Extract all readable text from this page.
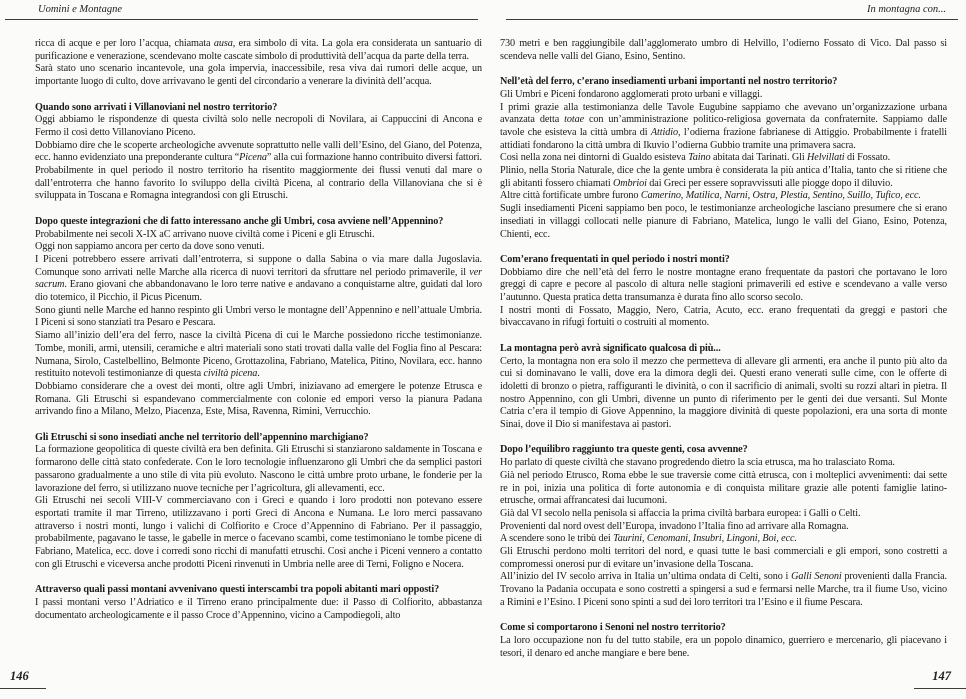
Uomini e Montagne	In montagna con...
ricca di acque e per loro l’acqua, chiamata ausa, era simbolo di vita. La gola era considerata un santuario di purificazione e venerazione, scendevano molte cascate simbolo di produttività dell’acqua da parte della terra.
Sarà stato uno scenario incantevole, una gola impervia, inaccessibile, resa viva dai rumori delle acque, un importante luogo di culto, dove arrivavano le genti del circondario a venerare la divinità dell’acqua.
Quando sono arrivati i Villanoviani nel nostro territorio?
Oggi abbiamo le rispondenze di questa civiltà solo nelle necropoli di Novilara, ai Cappuccini di Ancona e Fermo il così detto Villanoviano Piceno.
Dobbiamo dire che le scoperte archeologiche avvenute soprattutto nelle valli dell’Esino, del Giano, del Potenza, ecc. hanno evidenziato una preponderante cultura “Picena” alla cui formazione hanno contribuito diversi fattori. Probabilmente in quel periodo il nostro territorio ha risentito maggiormente dei flussi venuti dal mare o dall’entroterra che hanno favorito lo sviluppo della civiltà Picena, al contrario della Villanoviana che si è sviluppata in Toscana e Romagna integrandosi con gli Etruschi.
Dopo queste integrazioni che di fatto interessano anche gli Umbri, cosa avviene nell’Appennino?
Probabilmente nei secoli X-IX aC arrivano nuove civiltà come i Piceni e gli Etruschi.
Oggi non sappiamo ancora per certo da dove sono venuti.
I Piceni potrebbero essere arrivati dall’entroterra, si suppone o dalla Sabina o via mare dalla Jugoslavia. Comunque sono arrivati nelle Marche alla ricerca di nuovi territori da sfruttare nel periodo primaverile, il ver sacrum. Erano giovani che abbandonavano le loro terre native e andavano a conquistarne altre, guidati dal loro dio totemico, il Picchio, il Picus Picenum.
Sono giunti nelle Marche ed hanno respinto gli Umbri verso le montagne dell’Appennino e nell’attuale Umbria. I Piceni si sono stanziati tra Pesaro e Pescara.
Siamo all’inizio dell’era del ferro, nasce la civiltà Picena di cui le Marche possiedono ricche testimonianze. Tombe, monili, armi, utensili, ceramiche e altri materiali sono stati trovati dalla valle del Foglia fino al Pescara: Numana, Sirolo, Castelbellino, Belmonte Piceno, Grottazolina, Fabriano, Matelica, Pitino, Novilara, ecc. hanno restituito notevoli testimonianze di questa civiltà picena.
Dobbiamo considerare che a ovest dei monti, oltre agli Umbri, iniziavano ad emergere le potenze Etrusca e Romana. Gli Etruschi si espandevano commercialmente con colonie ed empori verso la pianura Padana arrivando fino a Milano, Melzo, Piacenza, Este, Misa, Ravenna, Rimini, Verrucchio.
Gli Etruschi si sono insediati anche nel territorio dell’appennino marchigiano?
La formazione geopolitica di queste civiltà era ben definita. Gli Etruschi si stanziarono saldamente in Toscana e formarono delle città stato confederate. Con le loro tecnologie influenzarono gli Umbri che da semplici pastori passarono gradualmente a uno stile di vita più evoluto. Nascono le città umbre proto urbane, le fonderie per la lavorazione del ferro, si utilizzano nuove tecniche per l’agricoltura, gli allevamenti, ecc.
Gli Etruschi nei secoli VIII-V commerciavano con i Greci e quando i loro prodotti non potevano essere esportati tramite il mar Tirreno, utilizzavano i porti Greci di Ancona e Numana. Le loro merci passavano attraverso i nostri monti, lungo i valichi di Colfiorito e Croce d’Appennino di Fabriano. Per il passaggio, probabilmente, pagavano le tasse, le gabelle in merce o facevano scambi, come testimoniano le tombe picene di Fabriano, Matelica, ecc. dove i corredi sono ricchi di manufatti etruschi. Così anche i Piceni vennero a contatto con gli Etruschi e viceversa anche prodotti Piceni rinvenuti in Umbria nelle aree di Terni, Foligno e Nocera.
Attraverso quali passi montani avvenivano questi interscambi tra popoli abitanti mari opposti?
I passi montani verso l’Adriatico e il Tirreno erano principalmente due: il Passo di Colfiorito, abbastanza documentato archeologicamente e il passo Croce d’Appennino, vicino a Campodiegoli, alto
730 metri e ben raggiungibile dall’agglomerato umbro di Helvillo, l’odierno Fossato di Vico. Dal passo si scendeva nelle valli del Giano, Esino, Sentino.
Nell’età del ferro, c’erano insediamenti urbani importanti nel nostro territorio?
Gli Umbri e Piceni fondarono agglomerati proto urbani e villaggi.
I primi grazie alla testimonianza delle Tavole Eugubine sappiamo che avevano un’organizzazione urbana avanzata detta totae con un’amministrazione politico-religiosa governata da confraternite. Sappiamo dalle tavole che esisteva la città umbra di Attidio, l’odierna frazione fabrianese di Attiggio. Probabilmente i fratelli attidiati fondarono la città umbra di Ikuvio l’odierna Gubbio tramite una primavera sacra.
Così nella zona nei dintorni di Gualdo esisteva Taino abitata dai Tarinati. Gli Helvillati di Fossato.
Plinio, nella Storia Naturale, dice che la gente umbra è considerata la più antica d’Italia, tanto che si ritiene che gli abitanti fossero chiamati Ombrioi dai Greci per essere sopravvissuti alle piogge dopo il diluvio.
Altre città fortificate umbre furono Camerino, Matilica, Narni, Ostra, Plestia, Sentino, Suillo, Tufico, ecc.
Sugli insediamenti Piceni sappiamo ben poco, le testimonianze archeologiche lasciano presumere che si erano insediati in villaggi collocati nelle pianure di Fabriano, Matelica, lungo le valli del Giano, Esino, Potenza, Chienti, ecc.
Com’erano frequentati in quel periodo i nostri monti?
Dobbiamo dire che nell’età del ferro le nostre montagne erano frequentate da pastori che portavano le loro greggi di capre e pecore al pascolo di altura nelle stagioni primaverili ed estive e scendevano a valle verso l’autunno. Questa pratica detta transumanza è durata fino allo scorso secolo.
I nostri monti di Fossato, Maggio, Nero, Catria, Acuto, ecc. erano frequentati da greggi e pastori che bivaccavano in rifugi fortuiti o costruiti al momento.
La montagna però avrà significato qualcosa di più...
Certo, la montagna non era solo il mezzo che permetteva di allevare gli armenti, era anche il punto più alto da cui si dominavano le valli, dove era la dimora degli dei. Questi erano venerati sulle cime, con le offerte di idoletti di bronzo o pietra, raffiguranti le divinità, o con il sacrificio di animali, svolti su rozzi altari in pietra. Il nostro Appennino, con gli Umbri, divenne un punto di riferimento per le genti dei due versanti. Sul Monte Catria c’era il tempio di Giove Appennino, la maggiore divinità di queste popolazioni, era una sorta di monte Sinai, dove il Dio si manifestava ai pastori.
Dopo l’equilibro raggiunto tra queste genti, cosa avvenne?
Ho parlato di queste civiltà che stavano progredendo dietro la scia etrusca, ma ho tralasciato Roma.
Già nel periodo Etrusco, Roma ebbe le sue traversie come città etrusca, con i molteplici avvenimenti: dai sette re in poi, inizia una politica di forte autonomia e di conquista militare grazie alle potenti famiglie latino-etrusche, ormai affrancatesi dai lucumoni.
Già dal VI secolo nella penisola si affaccia la prima civiltà barbara europea: i Galli o Celti.
Provenienti dal nord ovest dell’Europa, invadono l’Italia fino ad arrivare alla Romagna.
A scendere sono le tribù dei Taurini, Cenomani, Insubri, Lingoni, Boi, ecc.
Gli Etruschi perdono molti territori del nord, e quasi tutte le basi commerciali e gli empori, sono costretti a compromessi onerosi pur di evitare un’invasione della Toscana.
All’inizio del IV secolo arriva in Italia un’ultima ondata di Celti, sono i Galli Senoni provenienti dalla Francia. Trovano la Padania occupata e sono costretti a spingersi a sud e fermarsi nelle Marche, tra il fiume Uso, vicino a Rimini e l’Esino. I Piceni sono spinti a sud dei loro territori tra l’Esino e il fiume Pescara.
Come si comportarono i Senoni nel nostro territorio?
La loro occupazione non fu del tutto stabile, era un popolo dinamico, guerriero e mercenario, gli piacevano i tesori, il denaro ed anche mangiare e bere bene.
146	147
